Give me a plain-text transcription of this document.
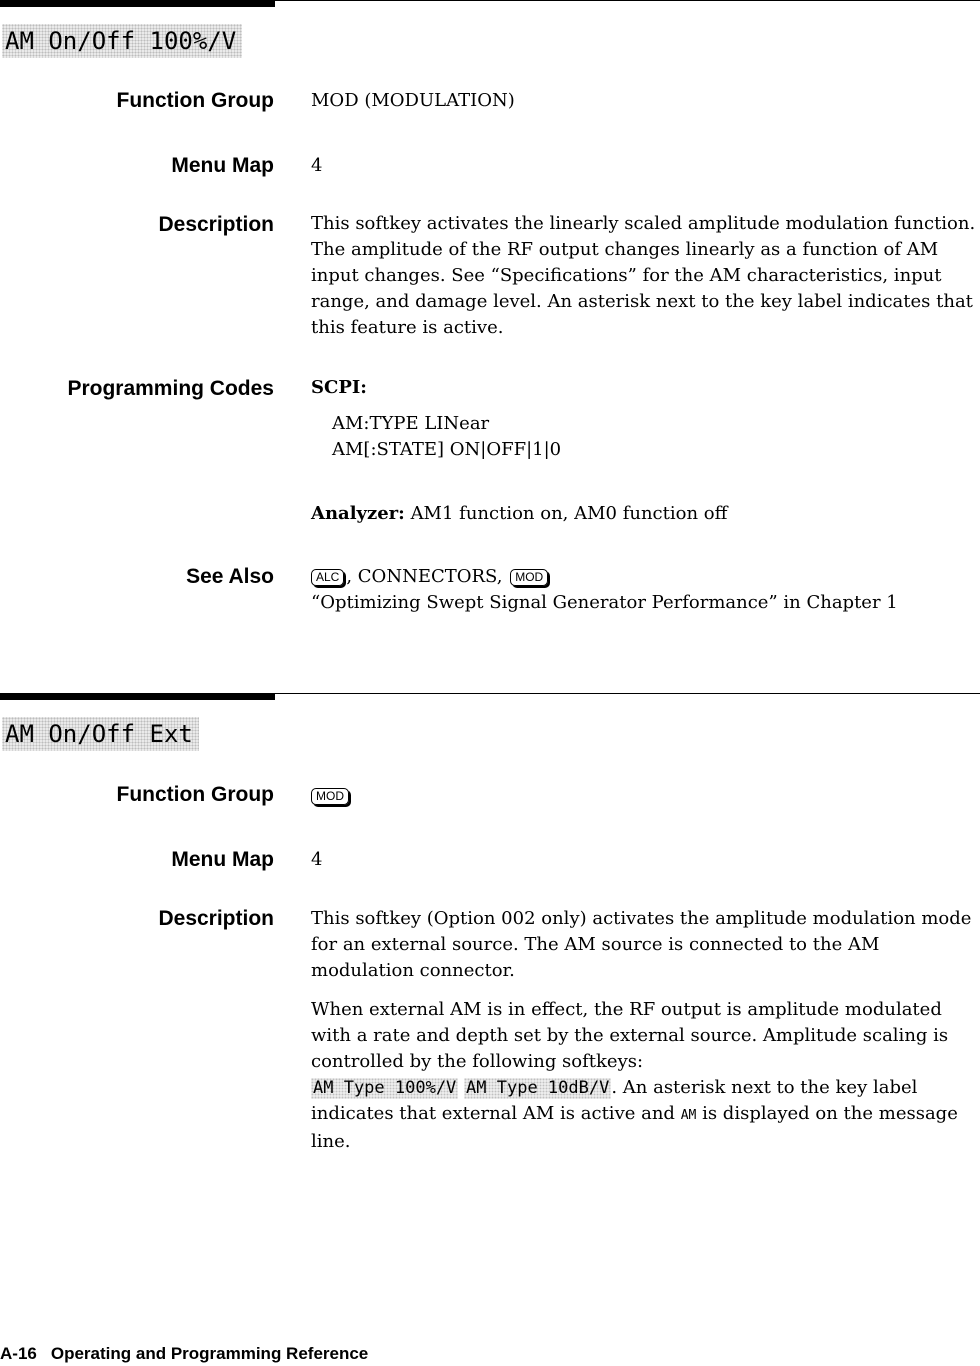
AM On/Off 100%/V
Function Group MOD (MODULATION)
Menu Map 4
Description This softkey activates the linearly scaled amplitude modulation function. The amplitude of the RF output changes linearly as a function of AM input changes. See “Specifications” for the AM characteristics, input range, and damage level. An asterisk next to the key label indicates that this feature is active.

Programming Codes SCPI:

AM:TYPE LINear

AM[:STATE] ON|OFF|1|0

Analyzer: AM1 function on, AM0 function off

See Also	ALC , CONNECTORS, MOD

“Optimizing Swept Signal Generator Performance” in Chapter 1

AM On/Off Ext
Function Group	MOD
Menu Map 4
Description This softkey (Option 002 only) activates the amplitude modulation mode for an external source. The AM source is connected to the AM modulation connector.

When external AM is in effect, the RF output is amplitude modulated with a rate and depth set by the external source. Amplitude scaling is controlled by the following softkeys:
AM Type 100%/V AM Type 10dB/V . An asterisk next to the key label indicates that external AM is active and AM is displayed on the message line.

A-16 Operating and Programming Reference
